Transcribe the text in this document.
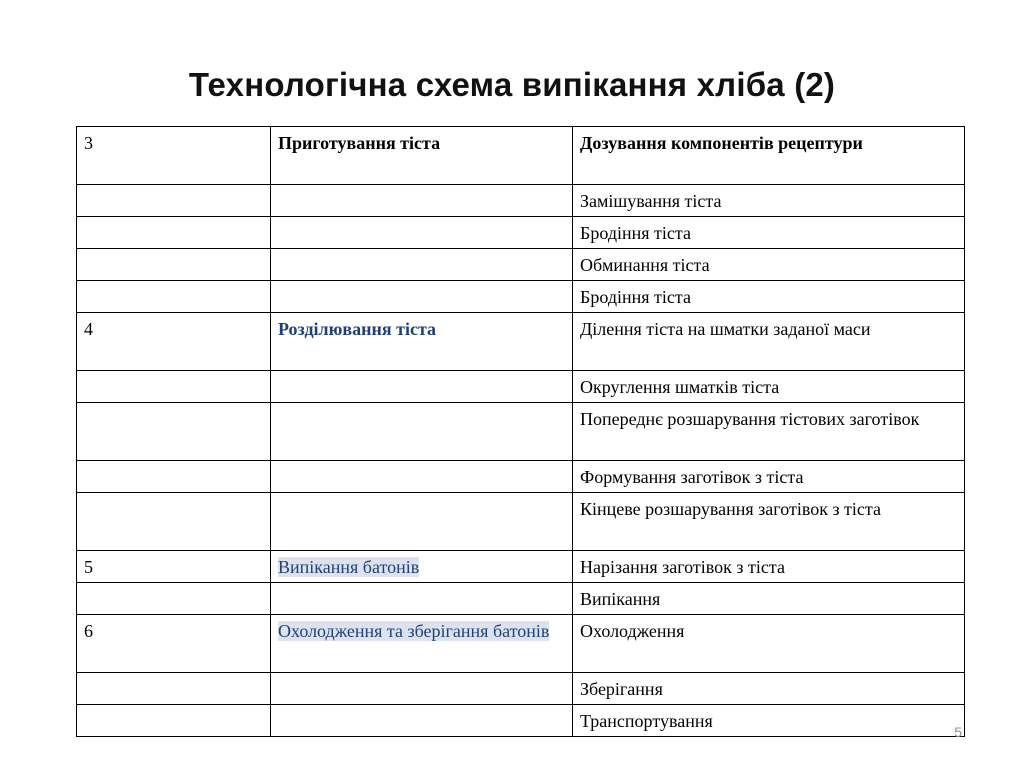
Технологічна схема випікання хліба (2)
3	Приготування тіста	Дозування компонентів рецептури
		Замішування тіста
		Бродіння тіста
		Обминання тіста
		Бродіння тіста
4	Розділювання тіста	Ділення тіста на шматки заданої маси
		Округлення шматків тіста
		Попереднє розшарування тістових заготівок
		Формування заготівок з тіста
		Кінцеве розшарування заготівок з тіста
5	Випікання батонів	Нарізання заготівок з тіста
		Випікання
6	Охолодження та зберігання батонів	Охолодження
		Зберігання
		Транспортування
5
